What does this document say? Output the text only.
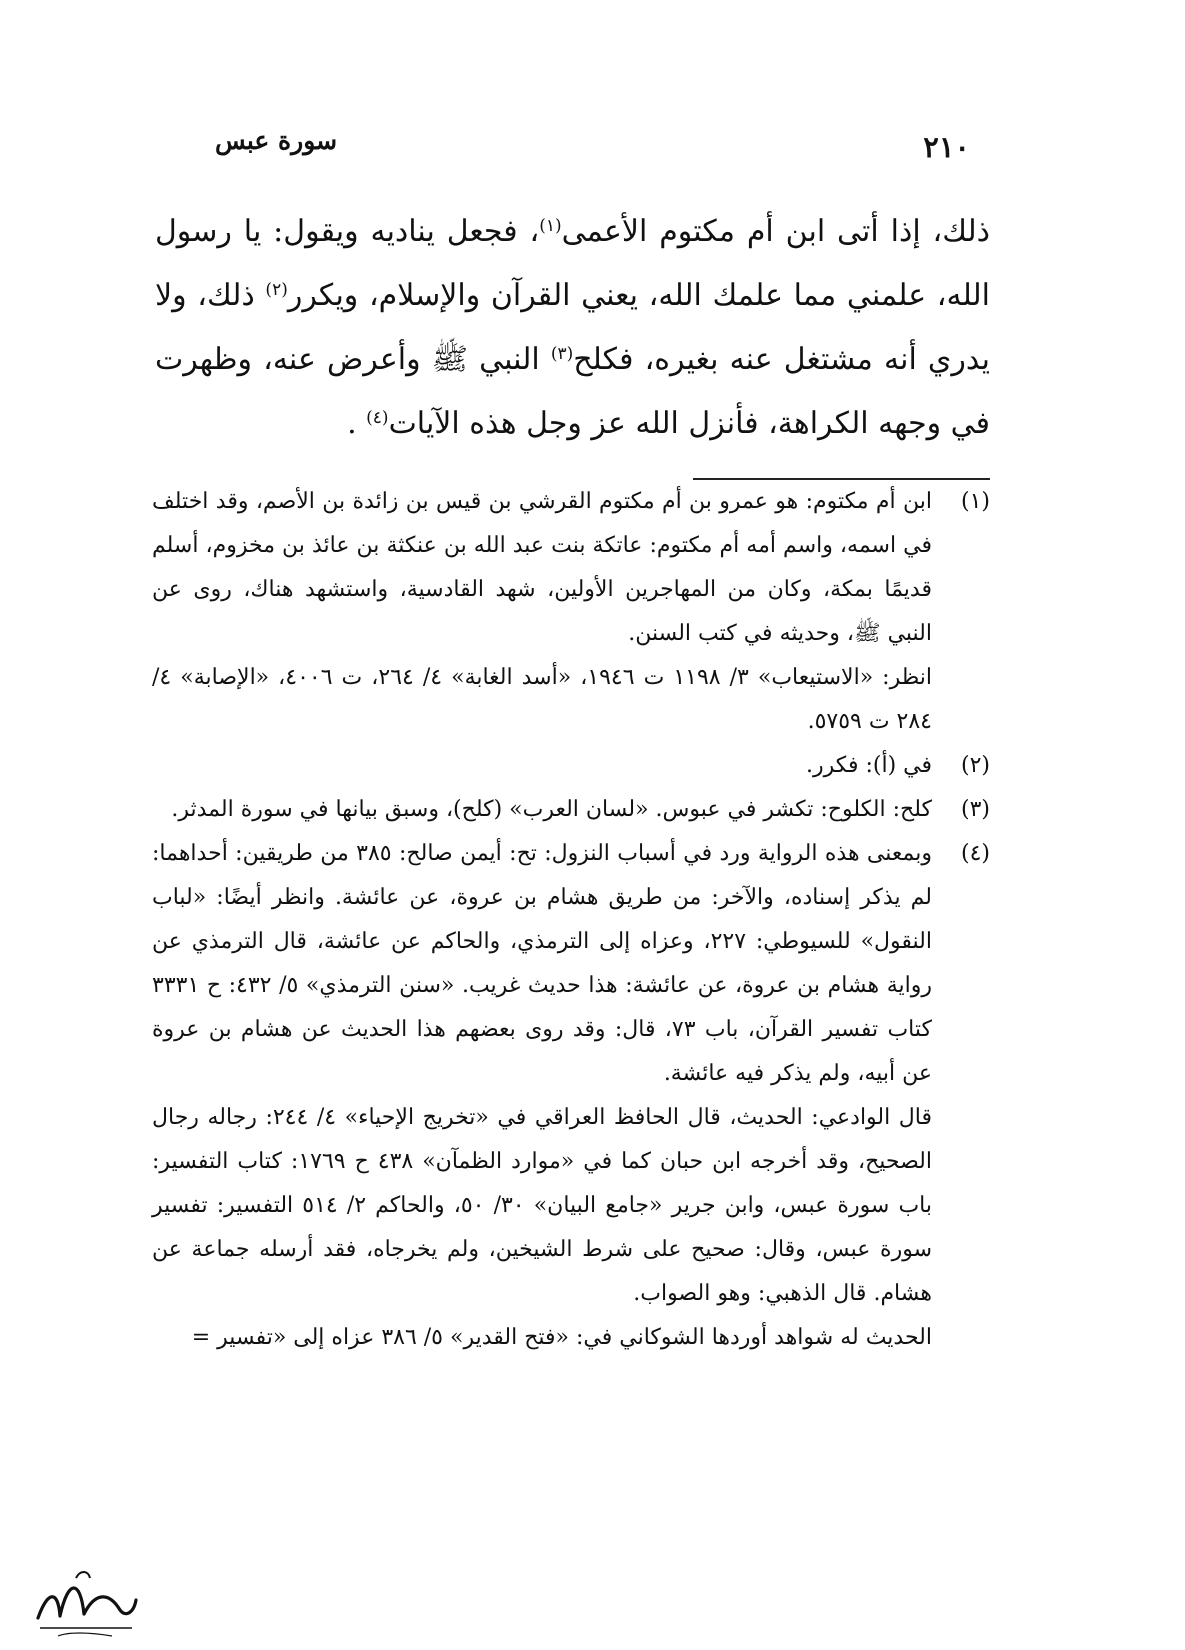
٢١٠
سورة عبس
ذلك، إذا أتى ابن أم مكتوم الأعمى$^{(١)}$، فجعل يناديه ويقول: يا رسول الله، علمني مما علمك الله، يعني القرآن والإسلام، ويكرر$^{(٢)}$ ذلك، ولا يدري أنه مشتغل عنه بغيره، فكلح$^{(٣)}$ النبي ﷺ وأعرض عنه، وظهرت في وجهه الكراهة، فأنزل الله عز وجل هذه الآيات$^{(٤)}$ .
(١)

ابن أم مكتوم: هو عمرو بن أم مكتوم القرشي بن قيس بن زائدة بن الأصم، وقد اختلف في اسمه، واسم أمه أم مكتوم: عاتكة بنت عبد الله بن عنكثة بن عائذ بن مخزوم، أسلم قديمًا بمكة، وكان من المهاجرين الأولين، شهد القادسية، واستشهد هناك، روى عن النبي ﷺ، وحديثه في كتب السنن.

انظر: «الاستيعاب» ٣/ ١١٩٨ ت ١٩٤٦، «أسد الغابة» ٤/ ٢٦٤، ت ٤٠٠٦، «الإصابة» ٤/ ٢٨٤ ت ٥٧٥٩.

(٢)

في (أ): فكرر.

(٣)

كلح: الكلوح: تكشر في عبوس. «لسان العرب» (كلح)، وسبق بيانها في سورة المدثر.

(٤)

وبمعنى هذه الرواية ورد في أسباب النزول: تح: أيمن صالح: ٣٨٥ من طريقين: أحداهما: لم يذكر إسناده، والآخر: من طريق هشام بن عروة، عن عائشة. وانظر أيضًا: «لباب النقول» للسيوطي: ٢٢٧، وعزاه إلى الترمذي، والحاكم عن عائشة، قال الترمذي عن رواية هشام بن عروة، عن عائشة: هذا حديث غريب. «سنن الترمذي» ٥/ ٤٣٢: ح ٣٣٣١ كتاب تفسير القرآن، باب ٧٣، قال: وقد روى بعضهم هذا الحديث عن هشام بن عروة عن أبيه، ولم يذكر فيه عائشة.

قال الوادعي: الحديث، قال الحافظ العراقي في «تخريج الإحياء» ٤/ ٢٤٤: رجاله رجال الصحيح، وقد أخرجه ابن حبان كما في «موارد الظمآن» ٤٣٨ ح ١٧٦٩: كتاب التفسير: باب سورة عبس، وابن جرير «جامع البيان» ٣٠/ ٥٠، والحاكم ٢/ ٥١٤ التفسير: تفسير سورة عبس، وقال: صحيح على شرط الشيخين، ولم يخرجاه، فقد أرسله جماعة عن هشام. قال الذهبي: وهو الصواب.

الحديث له شواهد أوردها الشوكاني في: «فتح القدير» ٥/ ٣٨٦ عزاه إلى «تفسير =
